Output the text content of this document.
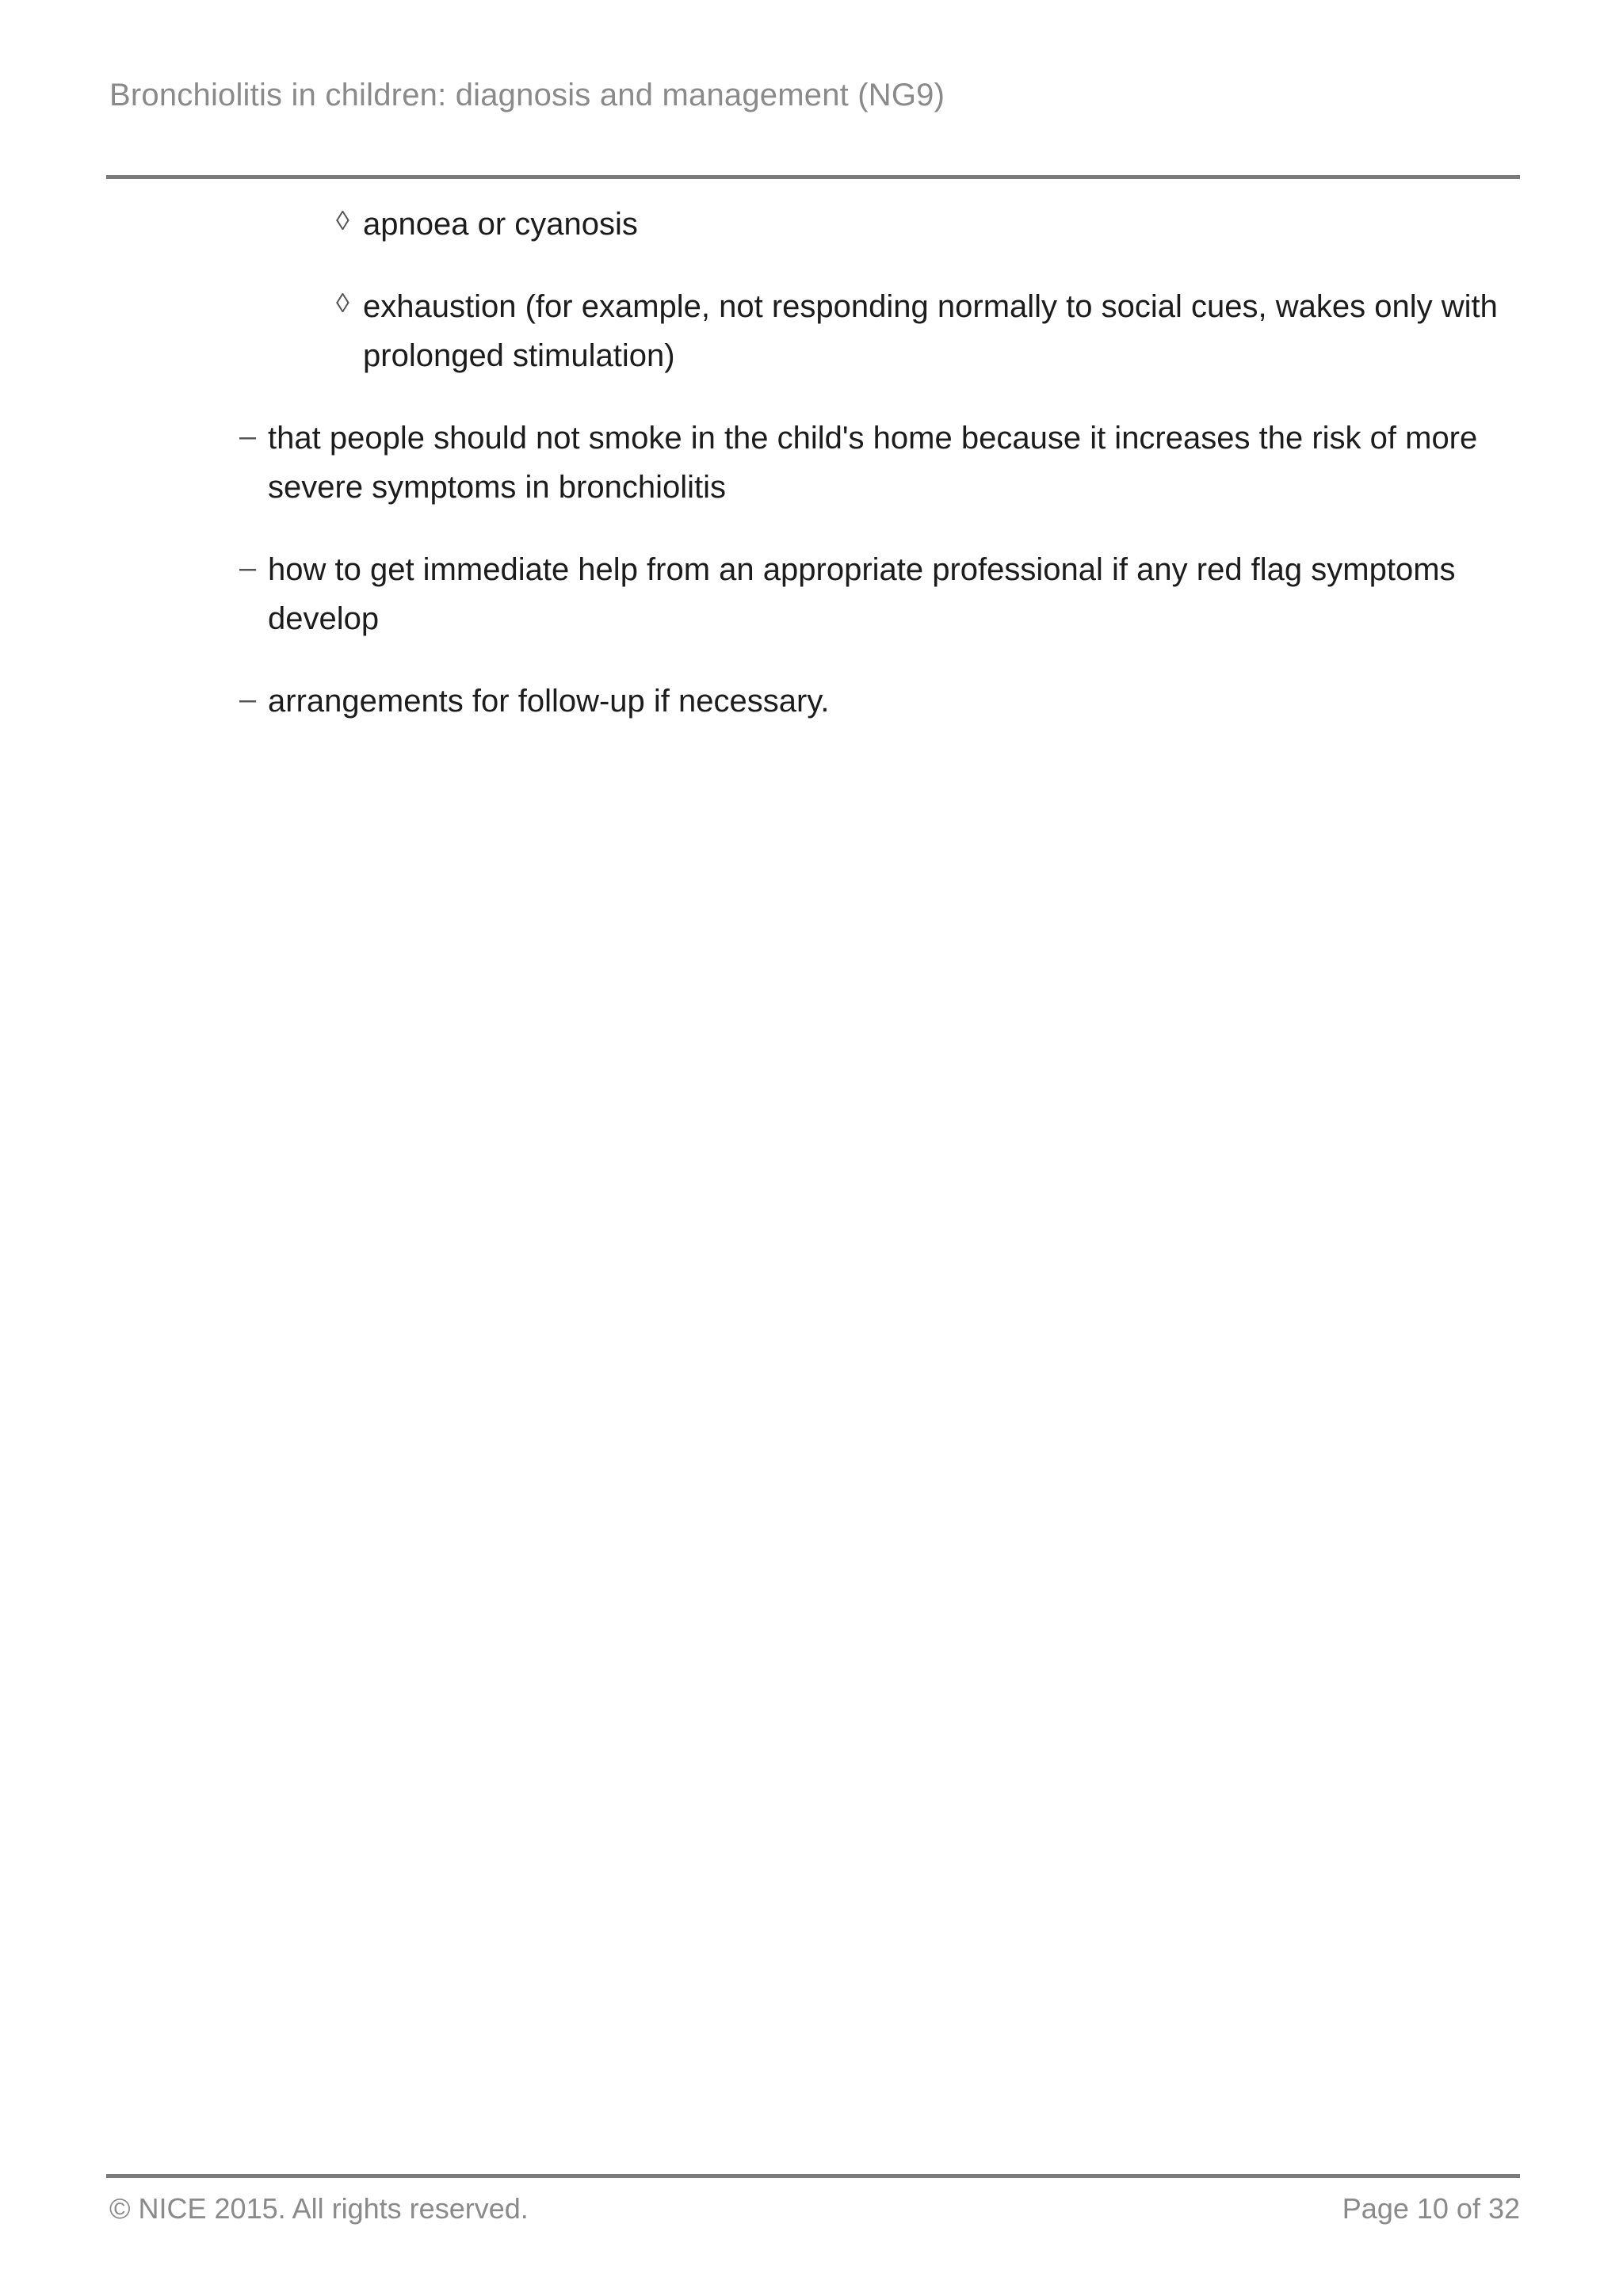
Bronchiolitis in children: diagnosis and management (NG9)
◊ apnoea or cyanosis
◊ exhaustion (for example, not responding normally to social cues, wakes only with prolonged stimulation)
– that people should not smoke in the child's home because it increases the risk of more severe symptoms in bronchiolitis
– how to get immediate help from an appropriate professional if any red flag symptoms develop
– arrangements for follow-up if necessary.
© NICE 2015. All rights reserved.	Page 10 of 32
